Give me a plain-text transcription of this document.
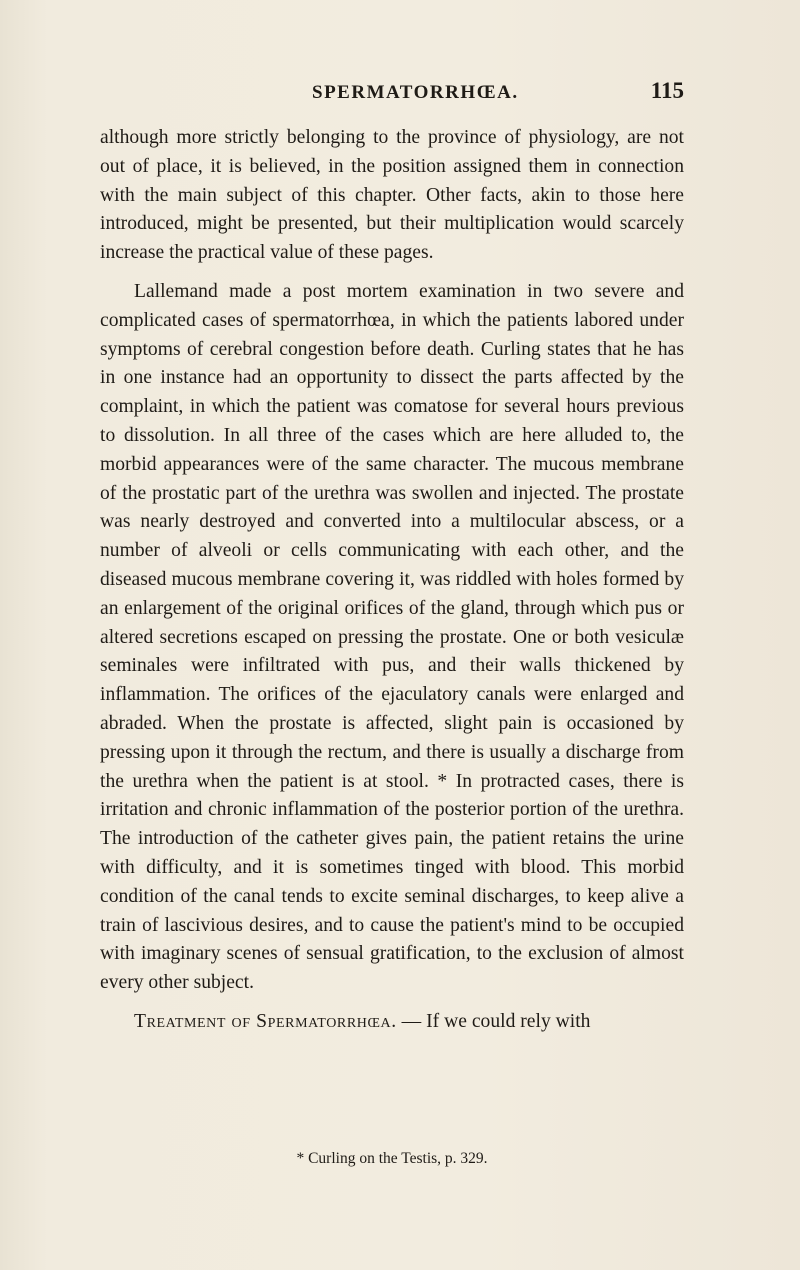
SPERMATORRHŒA.	115

although more strictly belonging to the province of physiology, are not out of place, it is believed, in the position assigned them in connection with the main subject of this chapter. Other facts, akin to those here introduced, might be presented, but their multiplication would scarcely increase the practical value of these pages.

Lallemand made a post mortem examination in two severe and complicated cases of spermatorrhœa, in which the patients labored under symptoms of cerebral congestion before death. Curling states that he has in one instance had an opportunity to dissect the parts affected by the complaint, in which the patient was comatose for several hours previous to dissolution. In all three of the cases which are here alluded to, the morbid appearances were of the same character. The mucous membrane of the prostatic part of the urethra was swollen and injected. The prostate was nearly destroyed and converted into a multilocular abscess, or a number of alveoli or cells communicating with each other, and the diseased mucous membrane covering it, was riddled with holes formed by an enlargement of the original orifices of the gland, through which pus or altered secretions escaped on pressing the prostate. One or both vesiculæ seminales were infiltrated with pus, and their walls thickened by inflammation. The orifices of the ejaculatory canals were enlarged and abraded. When the prostate is affected, slight pain is occasioned by pressing upon it through the rectum, and there is usually a discharge from the urethra when the patient is at stool. * In protracted cases, there is irritation and chronic inflammation of the posterior portion of the urethra. The introduction of the catheter gives pain, the patient retains the urine with difficulty, and it is sometimes tinged with blood. This morbid condition of the canal tends to excite seminal discharges, to keep alive a train of lascivious desires, and to cause the patient's mind to be occupied with imaginary scenes of sensual gratification, to the exclusion of almost every other subject.

Treatment of Spermatorrhœa. — If we could rely with

* Curling on the Testis, p. 329.
